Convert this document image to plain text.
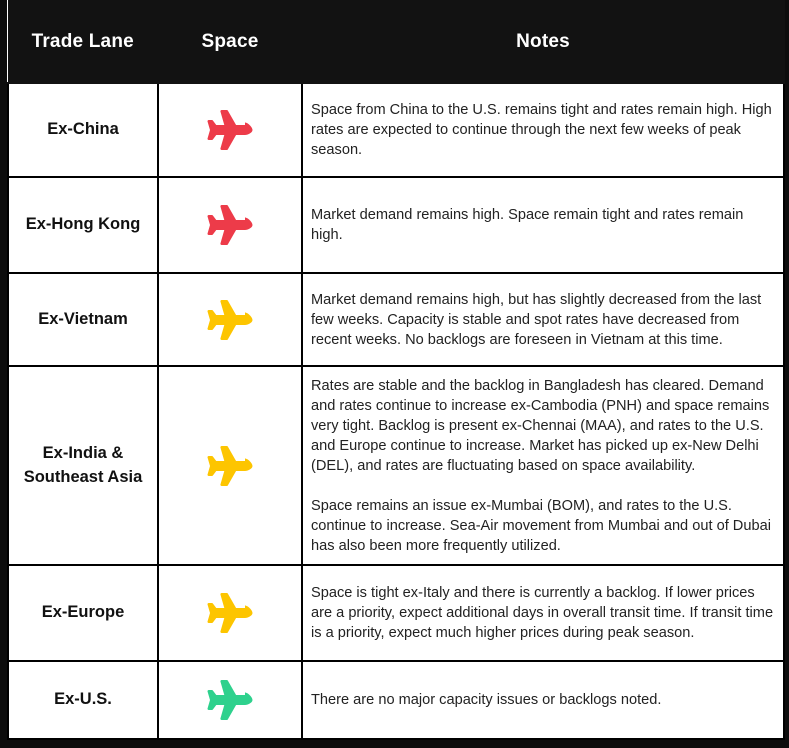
Trade Lane	Space	Notes
Ex-China		Space from China to the U.S. remains tight and rates remain high. High rates are expected to continue through the next few weeks of peak season.

Ex-Hong Kong		Market demand remains high. Space remain tight and rates remain high.

Ex-Vietnam		Market demand remains high, but has slightly decreased from the last few weeks. Capacity is stable and spot rates have decreased from recent weeks. No backlogs are foreseen in Vietnam at this time.

Ex-India & Southeast Asia		Rates are stable and the backlog in Bangladesh has cleared. Demand and rates continue to increase ex-Cambodia (PNH) and space remains very tight. Backlog is present ex-Chennai (MAA), and rates to the U.S. and Europe continue to increase. Market has picked up ex-New Delhi (DEL), and rates are fluctuating based on space availability.
Space remains an issue ex-Mumbai (BOM), and rates to the U.S. continue to increase. Sea-Air movement from Mumbai and out of Dubai has also been more frequently utilized.

Ex-Europe		Space is tight ex-Italy and there is currently a backlog. If lower prices are a priority, expect additional days in overall transit time. If transit time is a priority, expect much higher prices during peak season.

Ex-U.S.		There are no major capacity issues or backlogs noted.
